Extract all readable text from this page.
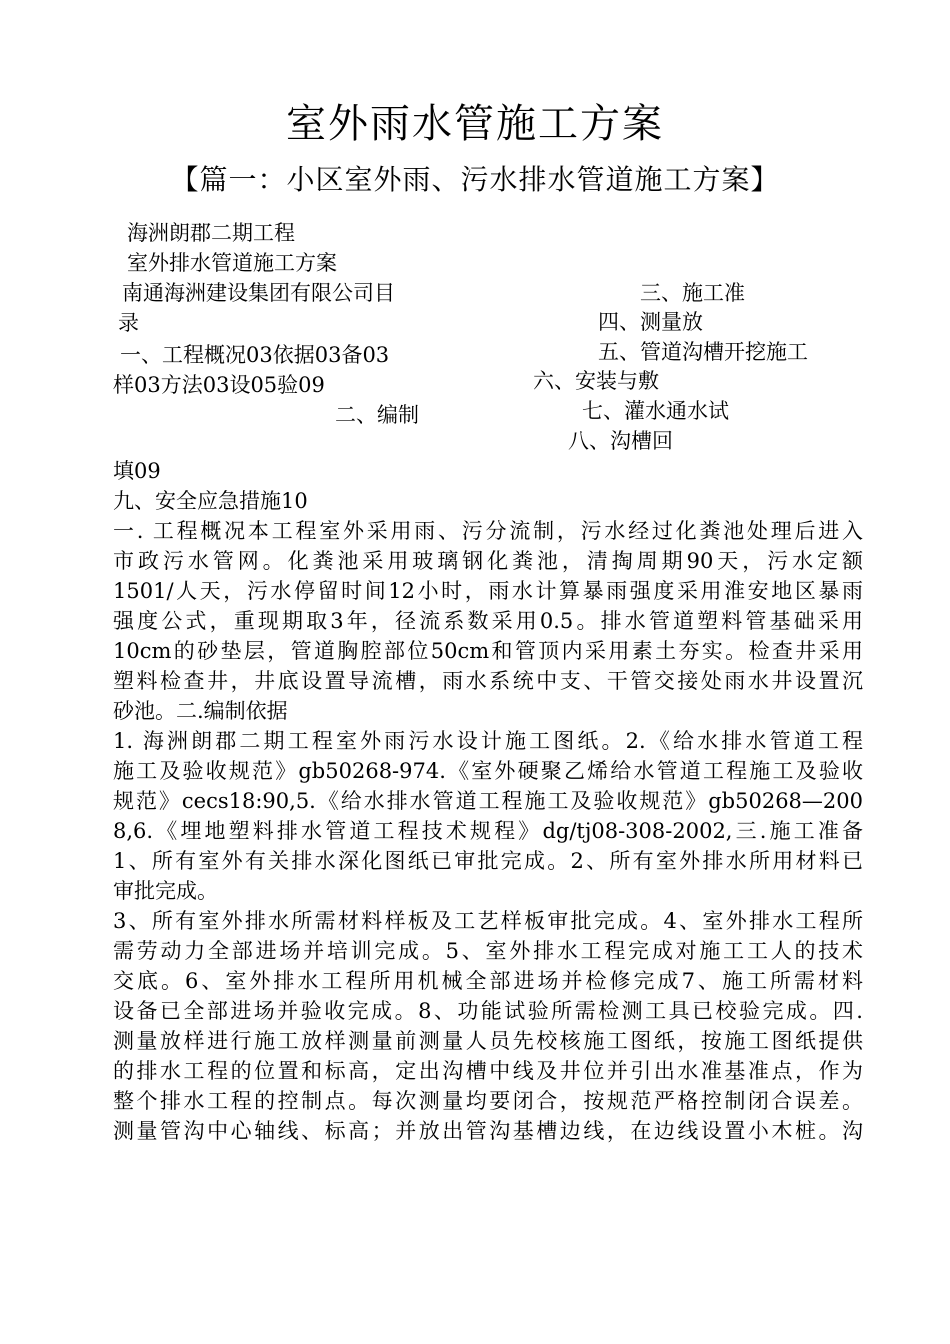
室外雨水管施工方案
【篇一：小区室外雨、污水排水管道施工方案】
海洲朗郡二期工程
室外排水管道施工方案
南通海洲建设集团有限公司目
录
一、工程概况03依据03备03
样03方法03设05验09
二、编制
三、施工准
四、测量放
五、管道沟槽开挖施工
六、安装与敷
七、灌水通水试
八、沟槽回
填09
九、安全应急措施10
一. 工程概况本工程室外采用雨、污分流制，污水经过化粪池处理后进入
市政污水管网。化粪池采用玻璃钢化粪池，清掏周期90天，污水定额
1501/人天，污水停留时间12小时，雨水计算暴雨强度采用淮安地区暴雨
强度公式，重现期取3年，径流系数采用0.5。排水管道塑料管基础采用
10cm的砂垫层，管道胸腔部位50cm和管顶内采用素土夯实。检查井采用
塑料检查井，井底设置导流槽，雨水系统中支、干管交接处雨水井设置沉
砂池。二.编制依据
1. 海洲朗郡二期工程室外雨污水设计施工图纸。2.《给水排水管道工程
施工及验收规范》gb50268-974.《室外硬聚乙烯给水管道工程施工及验收
规范》cecs18:90,5.《给水排水管道工程施工及验收规范》gb50268—200
8,6.《埋地塑料排水管道工程技术规程》dg/tj08-308-2002,三.施工准备
1、所有室外有关排水深化图纸已审批完成。2、所有室外排水所用材料已
审批完成。
3、所有室外排水所需材料样板及工艺样板审批完成。4、室外排水工程所
需劳动力全部进场并培训完成。5、室外排水工程完成对施工工人的技术
交底。6、室外排水工程所用机械全部进场并检修完成7、施工所需材料
设备已全部进场并验收完成。8、功能试验所需检测工具已校验完成。四.
测量放样进行施工放样测量前测量人员先校核施工图纸，按施工图纸提供
的排水工程的位置和标高，定出沟槽中线及井位并引出水准基准点，作为
整个排水工程的控制点。每次测量均要闭合，按规范严格控制闭合误差。
测量管沟中心轴线、标高；并放出管沟基槽边线，在边线设置小木桩。沟
